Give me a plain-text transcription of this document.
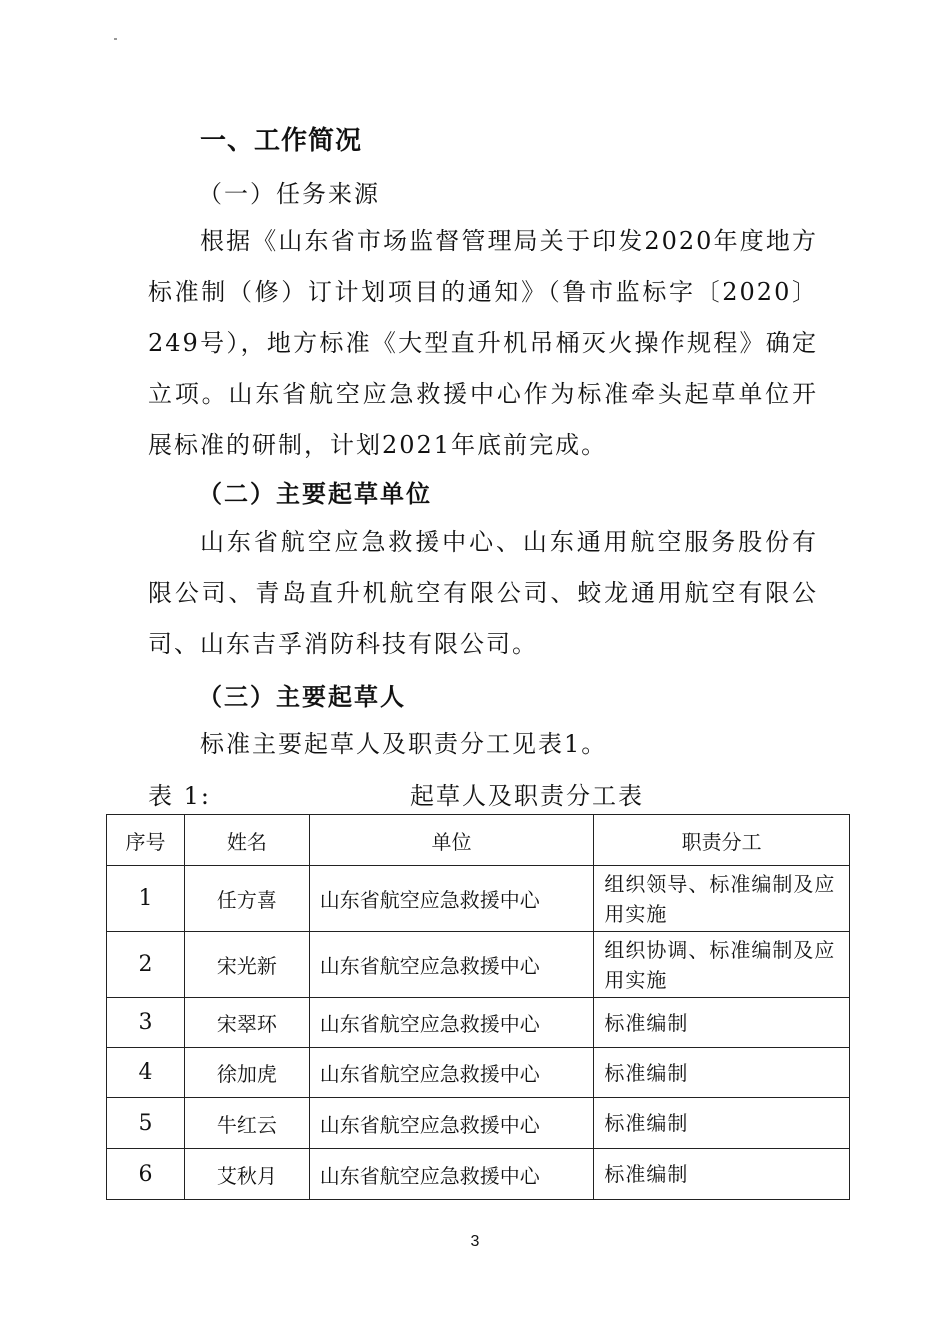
一、工作简况
（一）任务来源
根据《山东省市场监督管理局关于印发2020年度地方标准制（修）订计划项目的通知》（鲁市监标字〔2020〕249号），地方标准《大型直升机吊桶灭火操作规程》确定立项。山东省航空应急救援中心作为标准牵头起草单位开展标准的研制，计划2021年底前完成。
（二）主要起草单位
山东省航空应急救援中心、山东通用航空服务股份有限公司、青岛直升机航空有限公司、蛟龙通用航空有限公司、山东吉孚消防科技有限公司。
（三）主要起草人
标准主要起草人及职责分工见表1。
表 1:	起草人及职责分工表
序号	姓名	单位	职责分工
1	任方喜	山东省航空应急救援中心	组织领导、标准编制及应用实施
2	宋光新	山东省航空应急救援中心	组织协调、标准编制及应用实施
3	宋翠环	山东省航空应急救援中心	标准编制
4	徐加虎	山东省航空应急救援中心	标准编制
5	牛红云	山东省航空应急救援中心	标准编制
6	艾秋月	山东省航空应急救援中心	标准编制
3
